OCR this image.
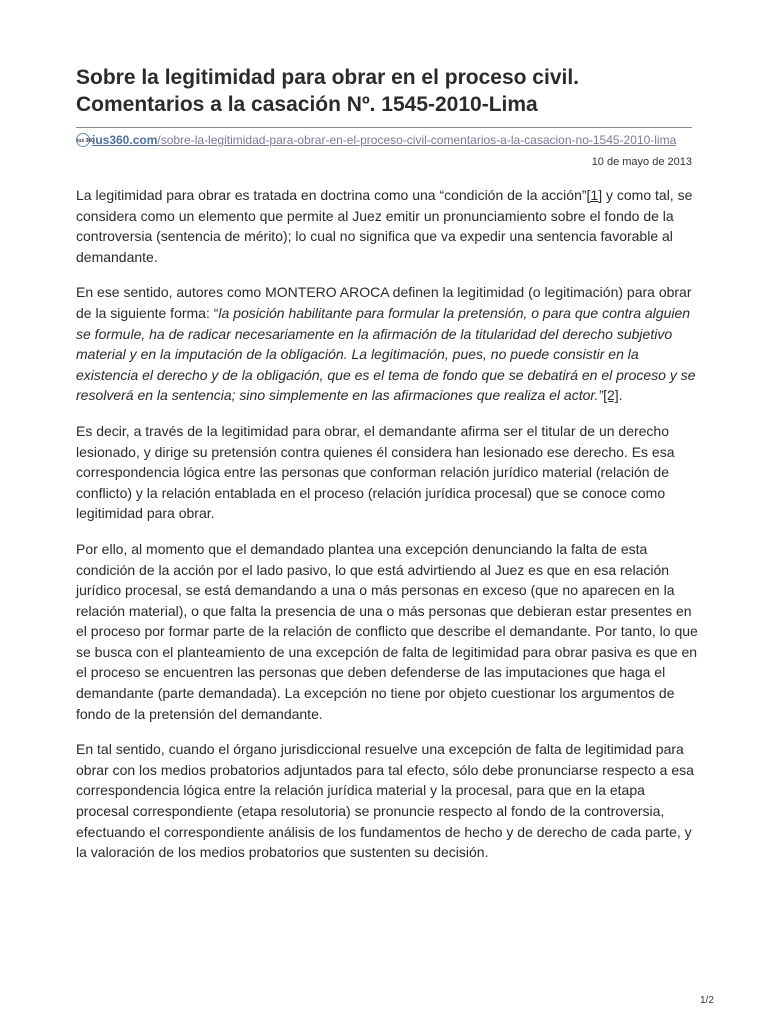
Sobre la legitimidad para obrar en el proceso civil. Comentarios a la casación Nº. 1545-2010-Lima
ius 360
ius360.com /sobre-la-legitimidad-para-obrar-en-el-proceso-civil-comentarios-a-la-casacion-no-1545-2010-lima
10 de mayo de 2013

La legitimidad para obrar es tratada en doctrina como una “condición de la acción”[1] y como tal, se considera como un elemento que permite al Juez emitir un pronunciamiento sobre el fondo de la controversia (sentencia de mérito); lo cual no significa que va expedir una sentencia favorable al demandante.

En ese sentido, autores como MONTERO AROCA definen la legitimidad (o legitimación) para obrar de la siguiente forma: “la posición habilitante para formular la pretensión, o para que contra alguien se formule, ha de radicar necesariamente en la afirmación de la titularidad del derecho subjetivo material y en la imputación de la obligación. La legitimación, pues, no puede consistir en la existencia el derecho y de la obligación, que es el tema de fondo que se debatirá en el proceso y se resolverá en la sentencia; sino simplemente en las afirmaciones que realiza el actor.”[2].

Es decir, a través de la legitimidad para obrar, el demandante afirma ser el titular de un derecho lesionado, y dirige su pretensión contra quienes él considera han lesionado ese derecho. Es esa correspondencia lógica entre las personas que conforman relación jurídico material (relación de conflicto) y la relación entablada en el proceso (relación jurídica procesal) que se conoce como legitimidad para obrar.

Por ello, al momento que el demandado plantea una excepción denunciando la falta de esta condición de la acción por el lado pasivo, lo que está advirtiendo al Juez es que en esa relación jurídico procesal, se está demandando a una o más personas en exceso (que no aparecen en la relación material), o que falta la presencia de una o más personas que debieran estar presentes en el proceso por formar parte de la relación de conflicto que describe el demandante. Por tanto, lo que se busca con el planteamiento de una excepción de falta de legitimidad para obrar pasiva es que en el proceso se encuentren las personas que deben defenderse de las imputaciones que haga el demandante (parte demandada). La excepción no tiene por objeto cuestionar los argumentos de fondo de la pretensión del demandante.

En tal sentido, cuando el órgano jurisdiccional resuelve una excepción de falta de legitimidad para obrar con los medios probatorios adjuntados para tal efecto, sólo debe pronunciarse respecto a esa correspondencia lógica entre la relación jurídica material y la procesal, para que en la etapa procesal correspondiente (etapa resolutoria) se pronuncie respecto al fondo de la controversia, efectuando el correspondiente análisis de los fundamentos de hecho y de derecho de cada parte, y la valoración de los medios probatorios que sustenten su decisión.

1/2
